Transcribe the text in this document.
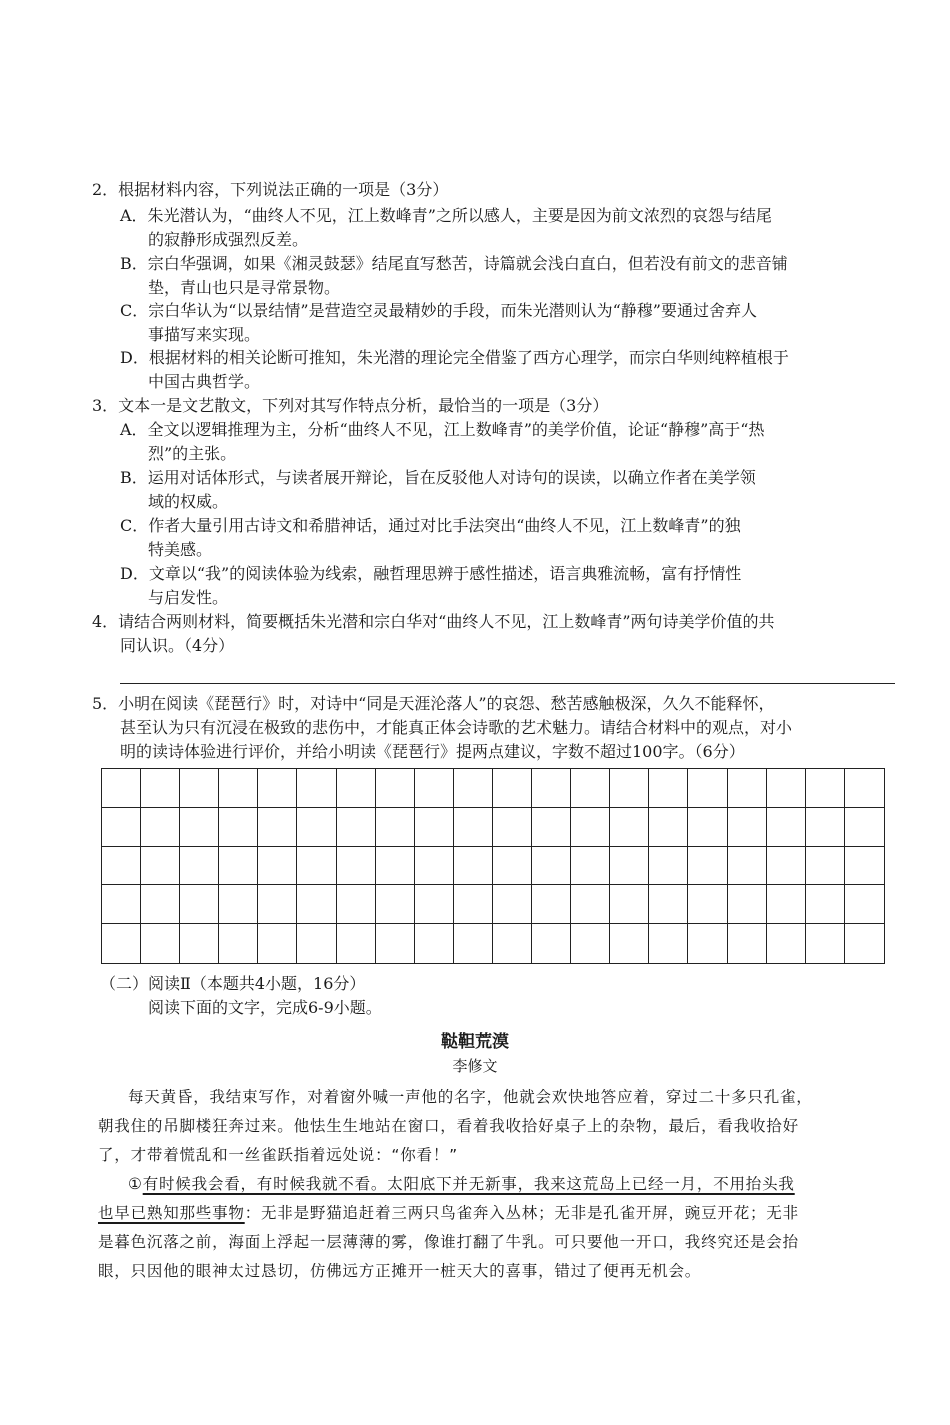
2．根据材料内容，下列说法正确的一项是（3分）
A．朱光潜认为，“曲终人不见，江上数峰青”之所以感人，主要是因为前文浓烈的哀怨与结尾
的寂静形成强烈反差。
B．宗白华强调，如果《湘灵鼓瑟》结尾直写愁苦，诗篇就会浅白直白，但若没有前文的悲音铺
垫，青山也只是寻常景物。
C．宗白华认为“以景结情”是营造空灵最精妙的手段，而朱光潜则认为“静穆”要通过舍弃人
事描写来实现。
D．根据材料的相关论断可推知，朱光潜的理论完全借鉴了西方心理学，而宗白华则纯粹植根于
中国古典哲学。
3．文本一是文艺散文，下列对其写作特点分析，最恰当的一项是（3分）
A．全文以逻辑推理为主，分析“曲终人不见，江上数峰青”的美学价值，论证“静穆”高于“热
烈”的主张。
B．运用对话体形式，与读者展开辩论，旨在反驳他人对诗句的误读，以确立作者在美学领
域的权威。
C．作者大量引用古诗文和希腊神话，通过对比手法突出“曲终人不见，江上数峰青”的独
特美感。
D．文章以“我”的阅读体验为线索，融哲理思辨于感性描述，语言典雅流畅，富有抒情性
与启发性。
4．请结合两则材料，简要概括朱光潜和宗白华对“曲终人不见，江上数峰青”两句诗美学价值的共
同认识。（4分）
5．小明在阅读《琵琶行》时，对诗中“同是天涯沦落人”的哀怨、愁苦感触极深，久久不能释怀，
甚至认为只有沉浸在极致的悲伤中，才能真正体会诗歌的艺术魅力。请结合材料中的观点，对小
明的读诗体验进行评价，并给小明读《琵琶行》提两点建议，字数不超过100字。（6分）
（二）阅读Ⅱ（本题共4小题，16分）
阅读下面的文字，完成6-9小题。
鞑靼荒漠
李修文
每天黄昏，我结束写作，对着窗外喊一声他的名字，他就会欢快地答应着，穿过二十多只孔雀，
朝我住的吊脚楼狂奔过来。他怯生生地站在窗口，看着我收拾好桌子上的杂物，最后，看我收拾好
了，才带着慌乱和一丝雀跃指着远处说：“你看！”
①有时候我会看，有时候我就不看。太阳底下并无新事，我来这荒岛上已经一月，不用抬头我
也早已熟知那些事物：无非是野猫追赶着三两只鸟雀奔入丛林；无非是孔雀开屏，豌豆开花；无非
是暮色沉落之前，海面上浮起一层薄薄的雾，像谁打翻了牛乳。可只要他一开口，我终究还是会抬
眼，只因他的眼神太过恳切，仿佛远方正摊开一桩天大的喜事，错过了便再无机会。
